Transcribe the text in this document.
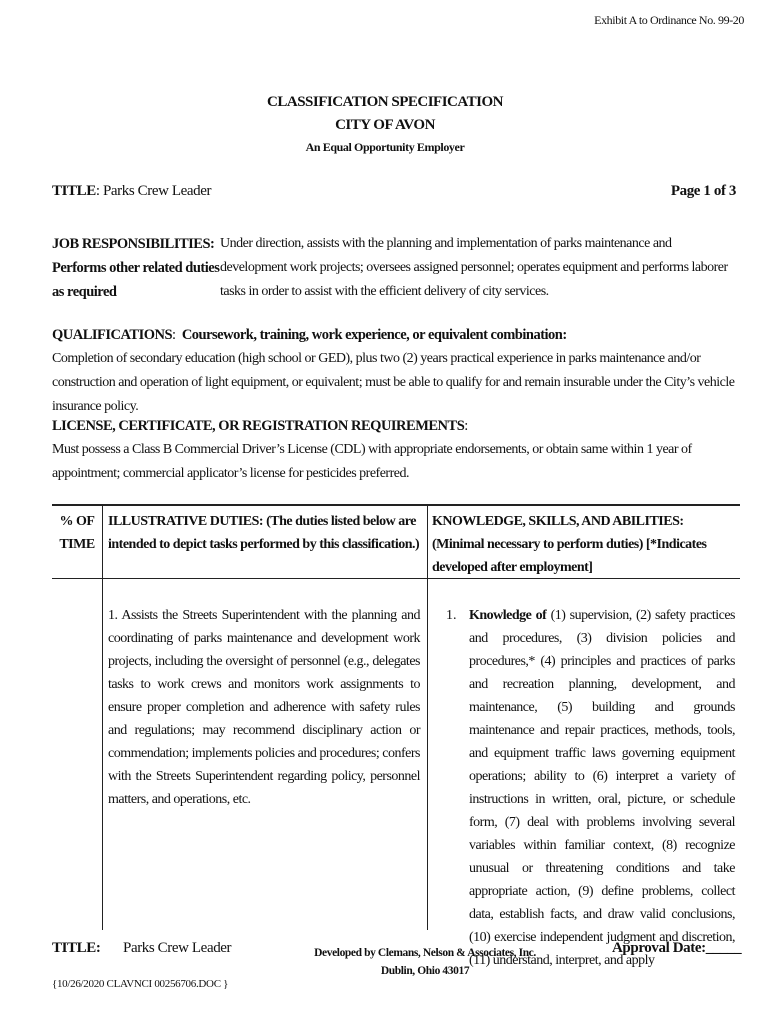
Exhibit A to Ordinance No. 99-20
CLASSIFICATION SPECIFICATION
CITY OF AVON
An Equal Opportunity Employer
TITLE: Parks Crew Leader	Page 1 of 3
JOB RESPONSIBILITIES:
Performs other related duties
as required
Under direction, assists with the planning and implementation of parks maintenance and development work projects; oversees assigned personnel; operates equipment and performs laborer tasks in order to assist with the efficient delivery of city services.
QUALIFICATIONS:  Coursework, training, work experience, or equivalent combination:
Completion of secondary education (high school or GED), plus two (2) years practical experience in parks maintenance and/or construction and operation of light equipment, or equivalent; must be able to qualify for and remain insurable under the City’s vehicle insurance policy.
LICENSE, CERTIFICATE, OR REGISTRATION REQUIREMENTS:
Must possess a Class B Commercial Driver’s License (CDL) with appropriate endorsements, or obtain same within 1 year of appointment; commercial applicator’s license for pesticides preferred.
% OF TIME
ILLUSTRATIVE DUTIES: (The duties listed below are intended to depict tasks performed by this classification.)
KNOWLEDGE, SKILLS, AND ABILITIES: (Minimal necessary to perform duties) [*Indicates developed after employment]
1. Assists the Streets Superintendent with the planning and coordinating of parks maintenance and development work projects, including the oversight of personnel (e.g., delegates tasks to work crews and monitors work assignments to ensure proper completion and adherence with safety rules and regulations; may recommend disciplinary action or commendation; implements policies and procedures; confers with the Streets Superintendent regarding policy, personnel matters, and operations, etc.
1. Knowledge of (1) supervision, (2) safety practices and procedures, (3) division policies and procedures,* (4) principles and practices of parks and recreation planning, development, and maintenance, (5) building and grounds maintenance and repair practices, methods, tools, and equipment traffic laws governing equipment operations; ability to (6) interpret a variety of instructions in written, oral, picture, or schedule form, (7) deal with problems involving several variables within familiar context, (8) recognize unusual or threatening conditions and take appropriate action, (9) define problems, collect data, establish facts, and draw valid conclusions, (10) exercise independent judgment and discretion, (11) understand, interpret, and apply
TITLE: Parks Crew Leader	Developed by Clemans, Nelson & Associates, Inc.
Dublin, Ohio 43017
Approval Date:_____
{10/26/2020 CLAVNCI 00256706.DOC }
